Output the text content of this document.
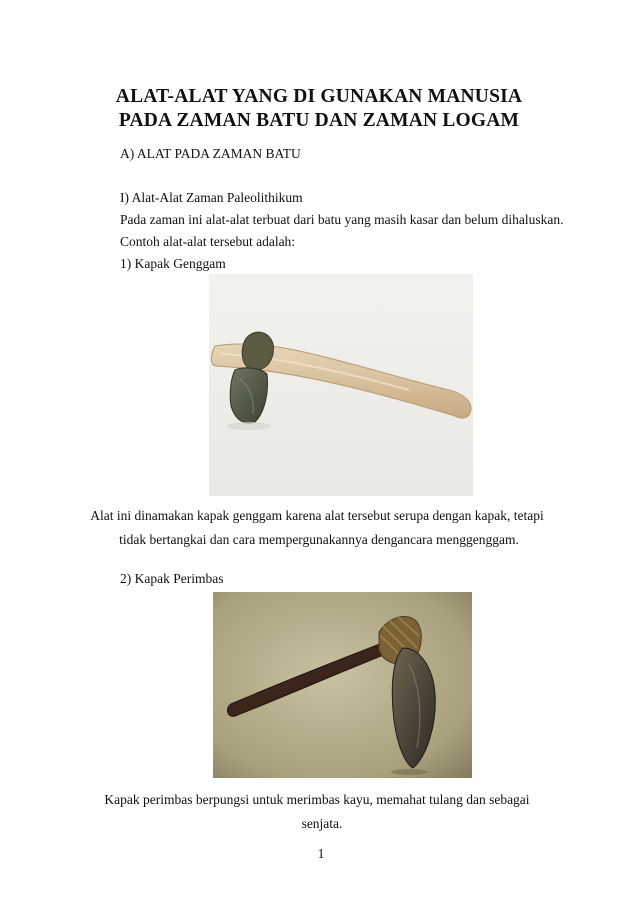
ALAT-ALAT YANG DI GUNAKAN MANUSIA
PADA ZAMAN BATU DAN ZAMAN LOGAM
A) ALAT PADA ZAMAN BATU
I) Alat-Alat Zaman Paleolithikum
Pada zaman ini alat-alat terbuat dari batu yang masih kasar dan belum dihaluskan.
Contoh alat-alat tersebut adalah:
1) Kapak Genggam
Alat ini dinamakan kapak genggam karena alat tersebut serupa dengan kapak, tetapi
tidak bertangkai dan cara mempergunakannya dengancara menggenggam.
2) Kapak Perimbas
Kapak perimbas berpungsi untuk merimbas kayu, memahat tulang dan sebagai
senjata.
1
